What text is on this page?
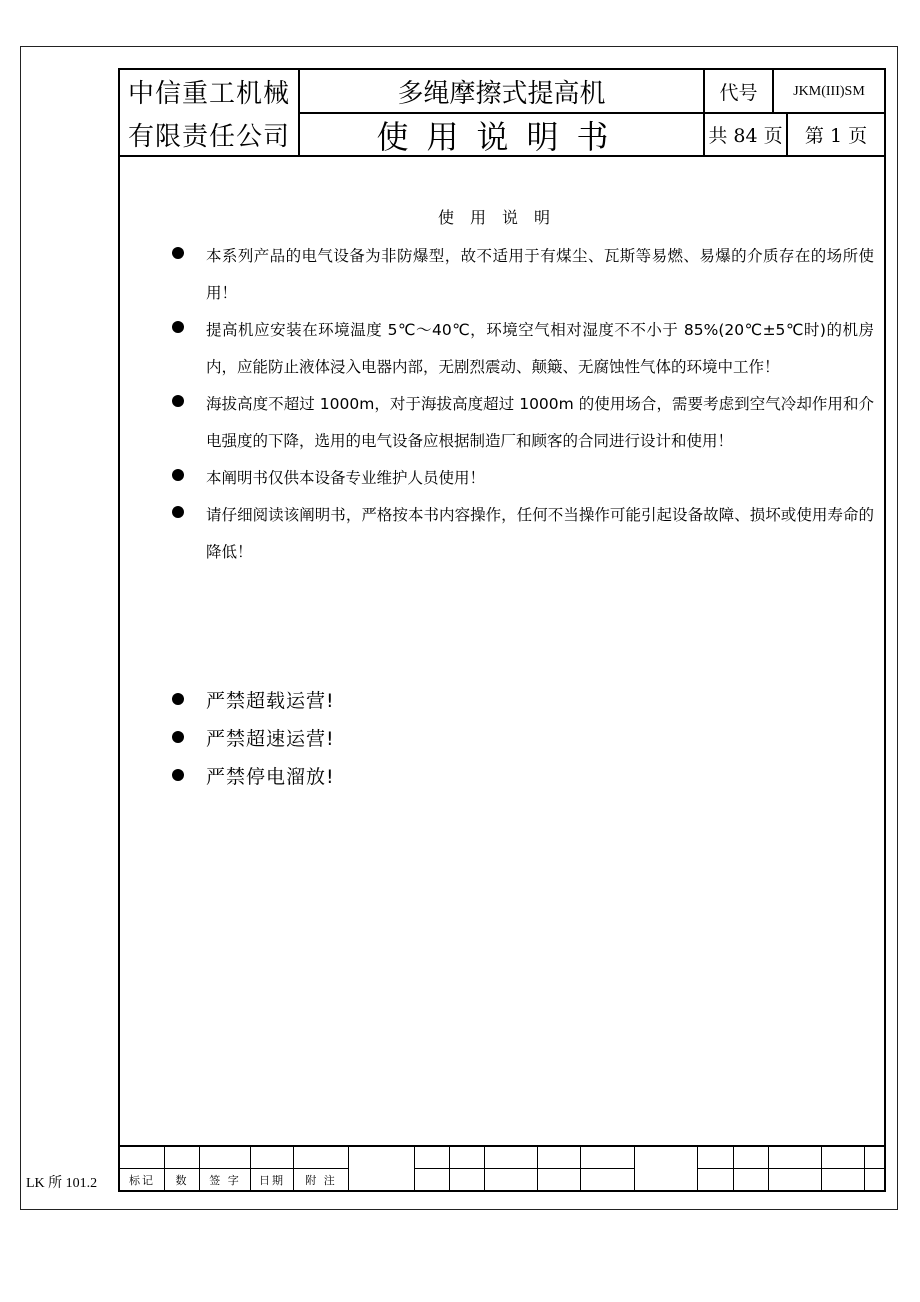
中信重工机械
有限责任公司
多绳摩擦式提高机
使用说明书
代号	JKM(III)SM
共 84 页	第 1 页
使用说明
本系列产品的电气设备为非防爆型，故不适用于有煤尘、瓦斯等易燃、易爆的介质存在的场所使用！
提高机应安装在环境温度 5℃～40℃，环境空气相对湿度不不小于 85%(20℃±5℃时)的机房内，应能防止液体浸入电器内部，无剧烈震动、颠簸、无腐蚀性气体的环境中工作！
海拔高度不超过 1000m，对于海拔高度超过 1000m 的使用场合，需要考虑到空气冷却作用和介电强度的下降，选用的电气设备应根据制造厂和顾客的合同进行设计和使用！
本阐明书仅供本设备专业维护人员使用！
请仔细阅读该阐明书，严格按本书内容操作，任何不当操作可能引起设备故障、损坏或使用寿命的降低！
严禁超载运营!
严禁超速运营!
严禁停电溜放!
标记	数	签 字	日期	附 注
LK 所 101.2
